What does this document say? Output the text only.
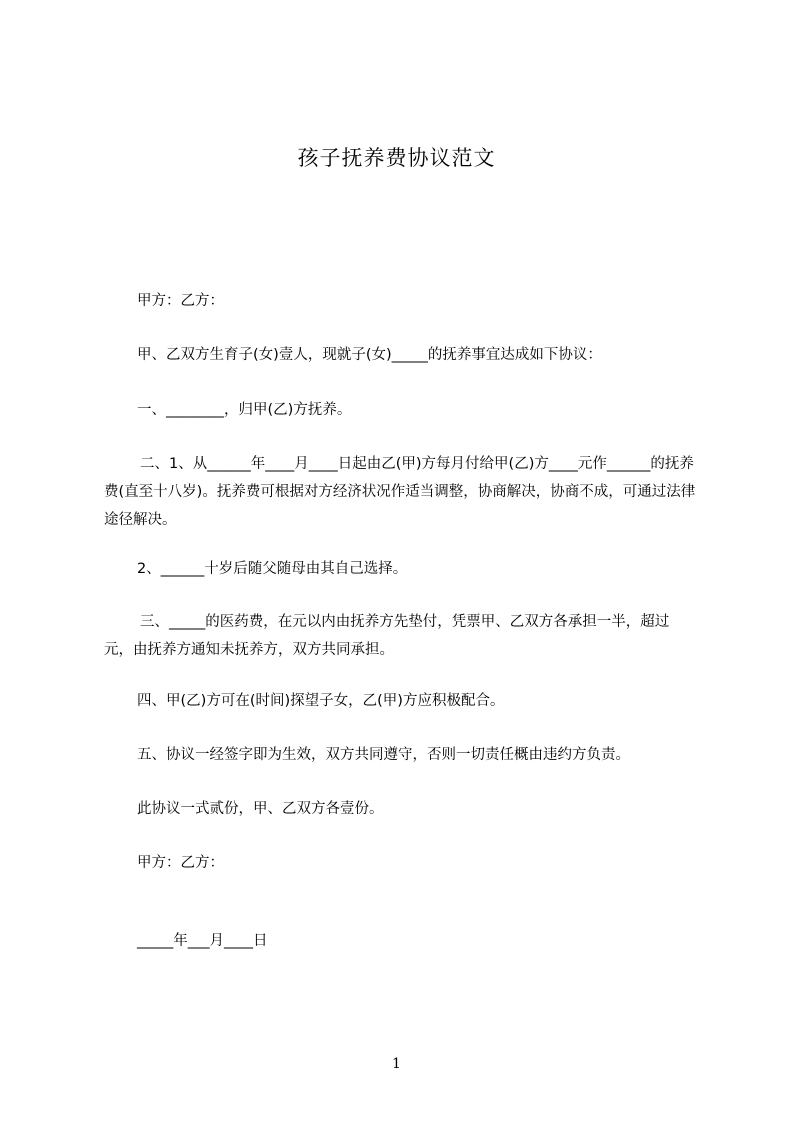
孩子抚养费协议范文

甲方：乙方：

甲、乙双方生育子(女)壹人，现就子(女)_____的抚养事宜达成如下协议：

一、________，归甲(乙)方抚养。

二、1、从______年____月____日起由乙(甲)方每月付给甲(乙)方____元作______的抚养费(直至十八岁)。抚养费可根据对方经济状况作适当调整，协商解决，协商不成，可通过法律途径解决。

2、______十岁后随父随母由其自己选择。

三、_____的医药费，在元以内由抚养方先垫付，凭票甲、乙双方各承担一半，超过元，由抚养方通知未抚养方，双方共同承担。

四、甲(乙)方可在(时间)探望子女，乙(甲)方应积极配合。

五、协议一经签字即为生效，双方共同遵守，否则一切责任概由违约方负责。

此协议一式贰份，甲、乙双方各壹份。

甲方：乙方：

_____年___月____日

1
